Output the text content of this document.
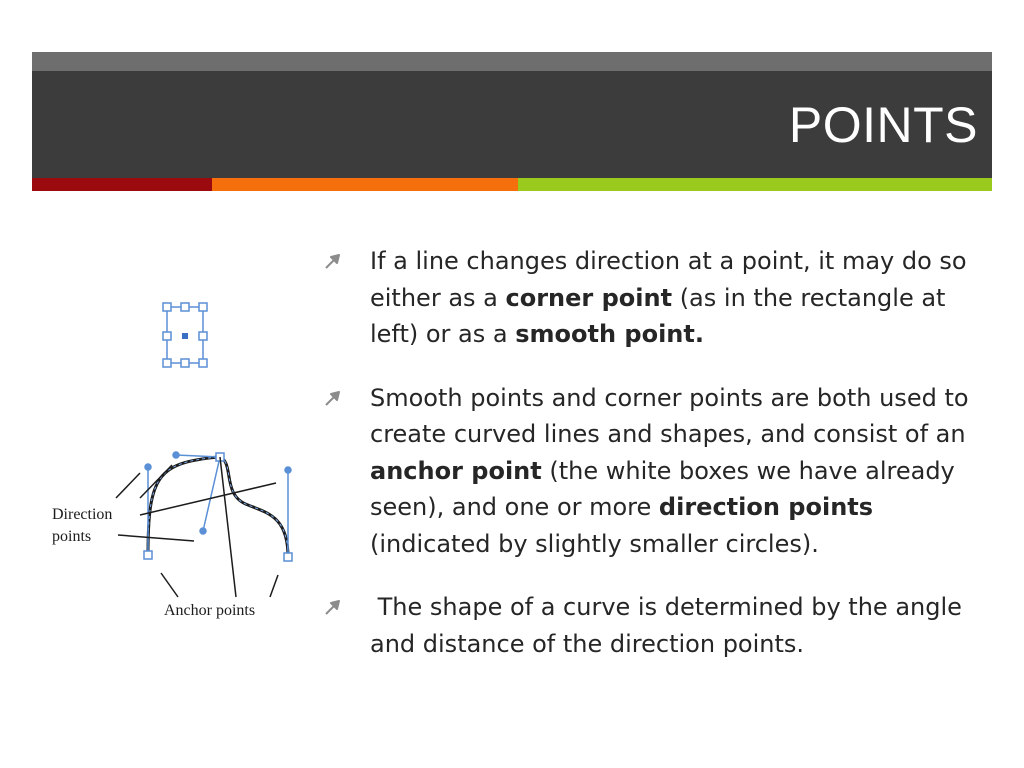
POINTS
Direction
points
Anchor points
If a line changes direction at a point, it may do so either as a corner point (as in the rectangle at left) or as a smooth point.
Smooth points and corner points are both used to create curved lines and shapes, and consist of an anchor point (the white boxes we have already seen), and one or more direction points (indicated by slightly smaller circles).
The shape of a curve is determined by the angle and distance of the direction points.
